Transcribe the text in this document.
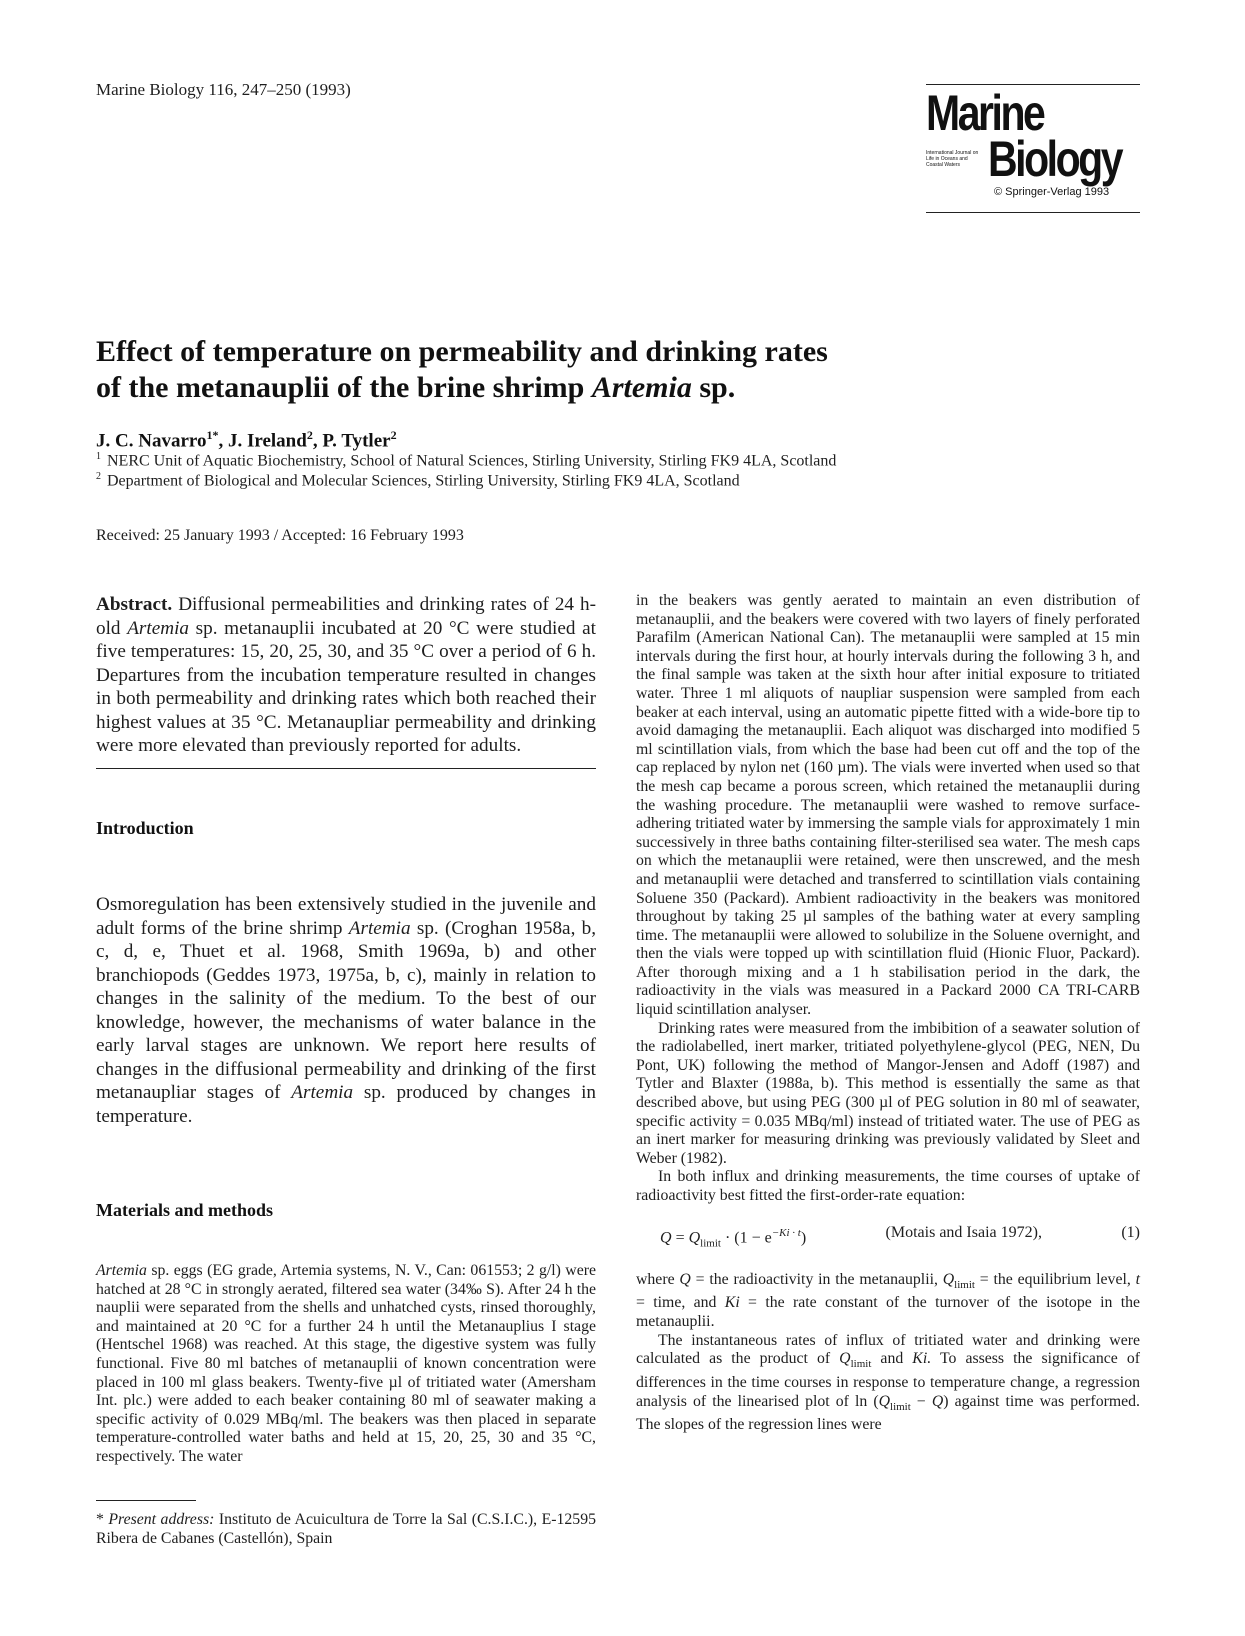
Marine Biology 116, 247–250 (1993)	Marine
International Journal on Life in Oceans and Coastal Waters Biology
© Springer-Verlag 1993
Effect of temperature on permeability and drinking rates
of the metanauplii of the brine shrimp Artemia sp.
J. C. Navarro$^{1*}$, J. Ireland$^2$, P. Tytler$^2$
$^1$ NERC Unit of Aquatic Biochemistry, School of Natural Sciences, Stirling University, Stirling FK9 4LA, Scotland
$^2$ Department of Biological and Molecular Sciences, Stirling University, Stirling FK9 4LA, Scotland
Received: 25 January 1993 / Accepted: 16 February 1993

Abstract. Diffusional permeabilities and drinking rates of 24 h-old Artemia sp. metanauplii incubated at 20 °C were studied at five temperatures: 15, 20, 25, 30, and 35 °C over a period of 6 h. Departures from the incubation temperature resulted in changes in both permeability and drinking rates which both reached their highest values at 35 °C. Metanaupliar permeability and drinking were more elevated than previously reported for adults.

Introduction

Osmoregulation has been extensively studied in the juvenile and adult forms of the brine shrimp Artemia sp. (Croghan 1958a, b, c, d, e, Thuet et al. 1968, Smith 1969a, b) and other branchiopods (Geddes 1973, 1975a, b, c), mainly in relation to changes in the salinity of the medium. To the best of our knowledge, however, the mechanisms of water balance in the early larval stages are unknown. We report here results of changes in the diffusional permeability and drinking of the first metanaupliar stages of Artemia sp. produced by changes in temperature.

Materials and methods

Artemia sp. eggs (EG grade, Artemia systems, N. V., Can: 061553; 2 g/l) were hatched at 28 °C in strongly aerated, filtered sea water (34‰ S). After 24 h the nauplii were separated from the shells and unhatched cysts, rinsed thoroughly, and maintained at 20 °C for a further 24 h until the Metanauplius I stage (Hentschel 1968) was reached. At this stage, the digestive system was fully functional. Five 80 ml batches of metanauplii of known concentration were placed in 100 ml glass beakers. Twenty-five µl of tritiated water (Amersham Int. plc.) were added to each beaker containing 80 ml of seawater making a specific activity of 0.029 MBq/ml. The beakers was then placed in separate temperature-controlled water baths and held at 15, 20, 25, 30 and 35 °C, respectively. The water

* Present address: Instituto de Acuicultura de Torre la Sal (C.S.I.C.), E-12595 Ribera de Cabanes (Castellón), Spain

in the beakers was gently aerated to maintain an even distribution of metanauplii, and the beakers were covered with two layers of finely perforated Parafilm (American National Can). The metanauplii were sampled at 15 min intervals during the first hour, at hourly intervals during the following 3 h, and the final sample was taken at the sixth hour after initial exposure to tritiated water. Three 1 ml aliquots of naupliar suspension were sampled from each beaker at each interval, using an automatic pipette fitted with a wide-bore tip to avoid damaging the metanauplii. Each aliquot was discharged into modified 5 ml scintillation vials, from which the base had been cut off and the top of the cap replaced by nylon net (160 µm). The vials were inverted when used so that the mesh cap became a porous screen, which retained the metanauplii during the washing procedure. The metanauplii were washed to remove surface-adhering tritiated water by immersing the sample vials for approximately 1 min successively in three baths containing filter-sterilised sea water. The mesh caps on which the metanauplii were retained, were then unscrewed, and the mesh and metanauplii were detached and transferred to scintillation vials containing Soluene 350 (Packard). Ambient radioactivity in the beakers was monitored throughout by taking 25 µl samples of the bathing water at every sampling time. The metanauplii were allowed to solubilize in the Soluene overnight, and then the vials were topped up with scintillation fluid (Hionic Fluor, Packard). After thorough mixing and a 1 h stabilisation period in the dark, the radioactivity in the vials was measured in a Packard 2000 CA TRI-CARB liquid scintillation analyser.

Drinking rates were measured from the imbibition of a seawater solution of the radiolabelled, inert marker, tritiated polyethylene-glycol (PEG, NEN, Du Pont, UK) following the method of Mangor-Jensen and Adoff (1987) and Tytler and Blaxter (1988a, b). This method is essentially the same as that described above, but using PEG (300 µl of PEG solution in 80 ml of seawater, specific activity = 0.035 MBq/ml) instead of tritiated water. The use of PEG as an inert marker for measuring drinking was previously validated by Sleet and Weber (1982).

In both influx and drinking measurements, the time courses of uptake of radioactivity best fitted the first-order-rate equation:

$Q = Q_{limit} \cdot (1 - e^{-Ki \cdot t})$	(Motais and Isaia 1972),	(1)

where Q = the radioactivity in the metanauplii, $Q_{limit}$ = the equilibrium level, t = time, and Ki = the rate constant of the turnover of the isotope in the metanauplii.

The instantaneous rates of influx of tritiated water and drinking were calculated as the product of $Q_{limit}$ and Ki. To assess the significance of differences in the time courses in response to temperature change, a regression analysis of the linearised plot of $\ln (Q_{limit} - Q)$ against time was performed. The slopes of the regression lines were
